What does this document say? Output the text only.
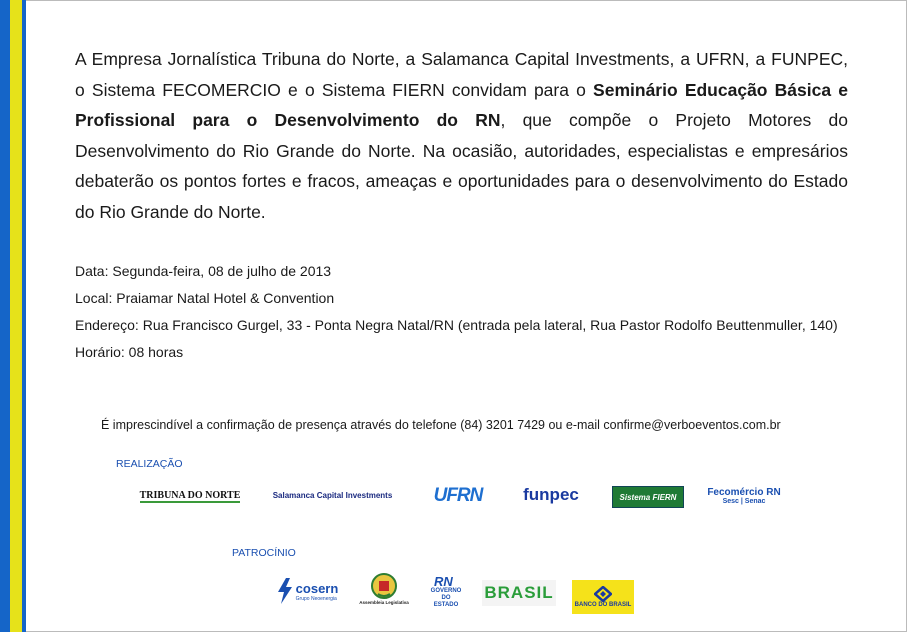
A Empresa Jornalística Tribuna do Norte, a Salamanca Capital Investments, a UFRN, a FUNPEC, o Sistema FECOMERCIO e o Sistema FIERN convidam para o Seminário Educação Básica e Profissional para o Desenvolvimento do RN, que compõe o Projeto Motores do Desenvolvimento do Rio Grande do Norte. Na ocasião, autoridades, especialistas e empresários debaterão os pontos fortes e fracos, ameaças e oportunidades para o desenvolvimento do Estado do Rio Grande do Norte.
Data: Segunda-feira, 08 de julho de 2013
Local: Praiamar Natal Hotel & Convention
Endereço: Rua Francisco Gurgel, 33 - Ponta Negra Natal/RN (entrada pela lateral, Rua Pastor Rodolfo Beuttenmuller, 140)
Horário: 08 horas
É imprescindível a confirmação de presença através do telefone (84) 3201 7429 ou e-mail confirme@verboeventos.com.br
REALIZAÇÃO
TRIBUNA DO NORTE	Salamanca Capital Investments UFRN funpec	Sistema FIERN	Fecomércio RN
Sesc | Senac
PATROCÍNIO
cosern
Grupo Neoenergia
Assembleia Legislativa
RN
GOVERNO DO ESTADO
BRASIL
BANCO DO BRASIL
